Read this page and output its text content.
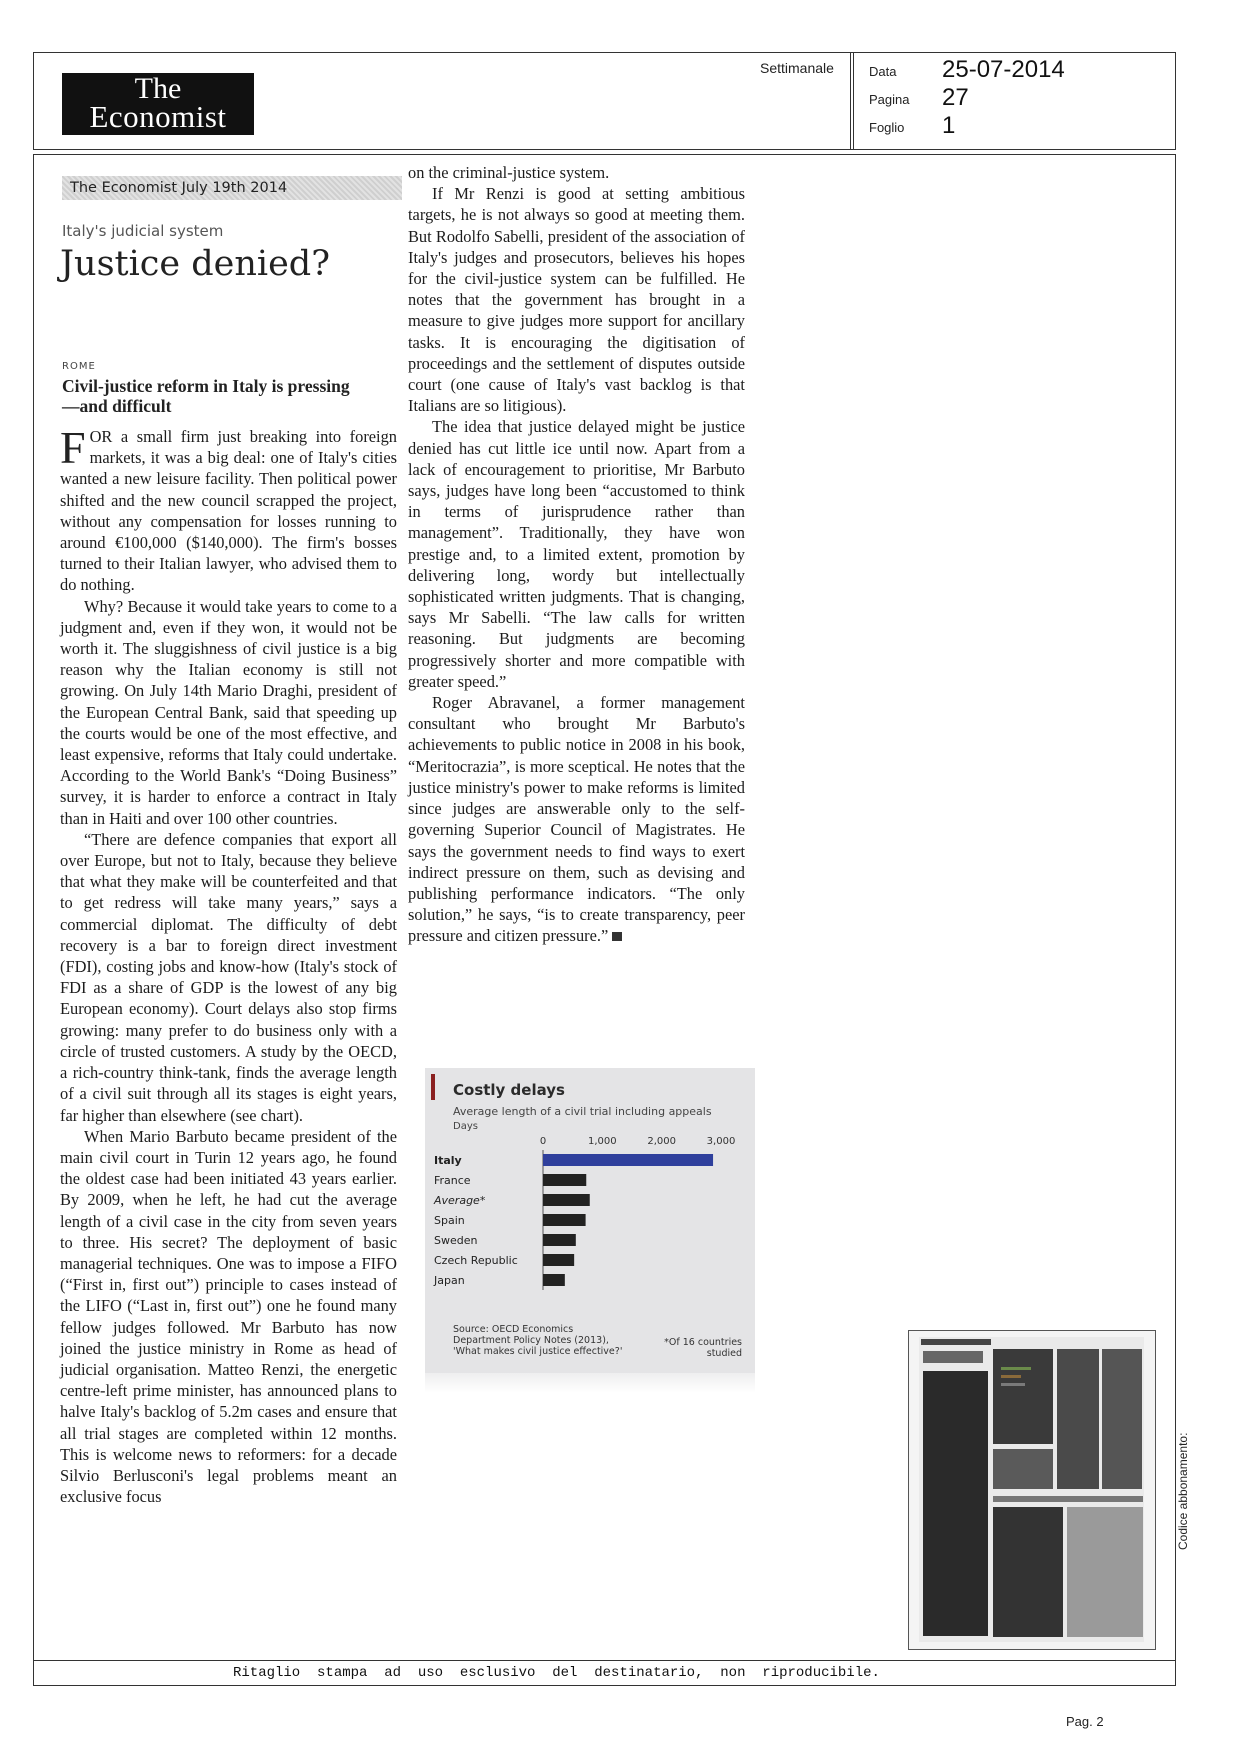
The
Economist
Settimanale	Data 25-07-2014
Pagina 27
Foglio 1
The Economist July 19th 2014
Italy's judicial system
Justice denied?
ROME
Civil-justice reform in Italy is pressing—and difficult

FOR a small firm just breaking into foreign markets, it was a big deal: one of Italy's cities wanted a new leisure facility. Then political power shifted and the new council scrapped the project, without any compensation for losses running to around €100,000 ($140,000). The firm's bosses turned to their Italian lawyer, who advised them to do nothing.

Why? Because it would take years to come to a judgment and, even if they won, it would not be worth it. The sluggishness of civil justice is a big reason why the Italian economy is still not growing. On July 14th Mario Draghi, president of the European Central Bank, said that speeding up the courts would be one of the most effective, and least expensive, reforms that Italy could undertake. According to the World Bank's “Doing Business” survey, it is harder to enforce a contract in Italy than in Haiti and over 100 other countries.

“There are defence companies that export all over Europe, but not to Italy, because they believe that what they make will be counterfeited and that to get redress will take many years,” says a commercial diplomat. The difficulty of debt recovery is a bar to foreign direct investment (FDI), costing jobs and know-how (Italy's stock of FDI as a share of GDP is the lowest of any big European economy). Court delays also stop firms growing: many prefer to do business only with a circle of trusted customers. A study by the OECD, a rich-country think-tank, finds the average length of a civil suit through all its stages is eight years, far higher than elsewhere (see chart).

When Mario Barbuto became president of the main civil court in Turin 12 years ago, he found the oldest case had been initiated 43 years earlier. By 2009, when he left, he had cut the average length of a civil case in the city from seven years to three. His secret? The deployment of basic managerial techniques. One was to impose a FIFO (“First in, first out”) principle to cases instead of the LIFO (“Last in, first out”) one he found many fellow judges followed. Mr Barbuto has now joined the justice ministry in Rome as head of judicial organisation. Matteo Renzi, the energetic centre-left prime minister, has announced plans to halve Italy's backlog of 5.2m cases and ensure that all trial stages are completed within 12 months. This is welcome news to reformers: for a decade Silvio Berlusconi's legal problems meant an exclusive focus

on the criminal-justice system.

If Mr Renzi is good at setting ambitious targets, he is not always so good at meeting them. But Rodolfo Sabelli, president of the association of Italy's judges and prosecutors, believes his hopes for the civil-justice system can be fulfilled. He notes that the government has brought in a measure to give judges more support for ancillary tasks. It is encouraging the digitisation of proceedings and the settlement of disputes outside court (one cause of Italy's vast backlog is that Italians are so litigious).

The idea that justice delayed might be justice denied has cut little ice until now. Apart from a lack of encouragement to prioritise, Mr Barbuto says, judges have long been “accustomed to think in terms of jurisprudence rather than management”. Traditionally, they have won prestige and, to a limited extent, promotion by delivering long, wordy but intellectually sophisticated written judgments. That is changing, says Mr Sabelli. “The law calls for written reasoning. But judgments are becoming progressively shorter and more compatible with greater speed.”

Roger Abravanel, a former management consultant who brought Mr Barbuto's achievements to public notice in 2008 in his book, “Meritocrazia”, is more sceptical. He notes that the justice ministry's power to make reforms is limited since judges are answerable only to the self-governing Superior Council of Magistrates. He says the government needs to find ways to exert indirect pressure on them, such as devising and publishing performance indicators. “The only solution,” he says, “is to create transparency, peer pressure and citizen pressure.”

Costly delays
Average length of a civil trial including appeals
Days
0	1,000	2,000	3,000
Italy
France
Average*
Spain
Sweden
Czech Republic
Japan
Source: OECD Economics Department Policy Notes (2013), 'What makes civil justice effective?'
*Of 16 countries studied
Ritaglio  stampa  ad  uso  esclusivo  del  destinatario,  non  riproducibile.
Codice abbonamento:
Pag. 2
